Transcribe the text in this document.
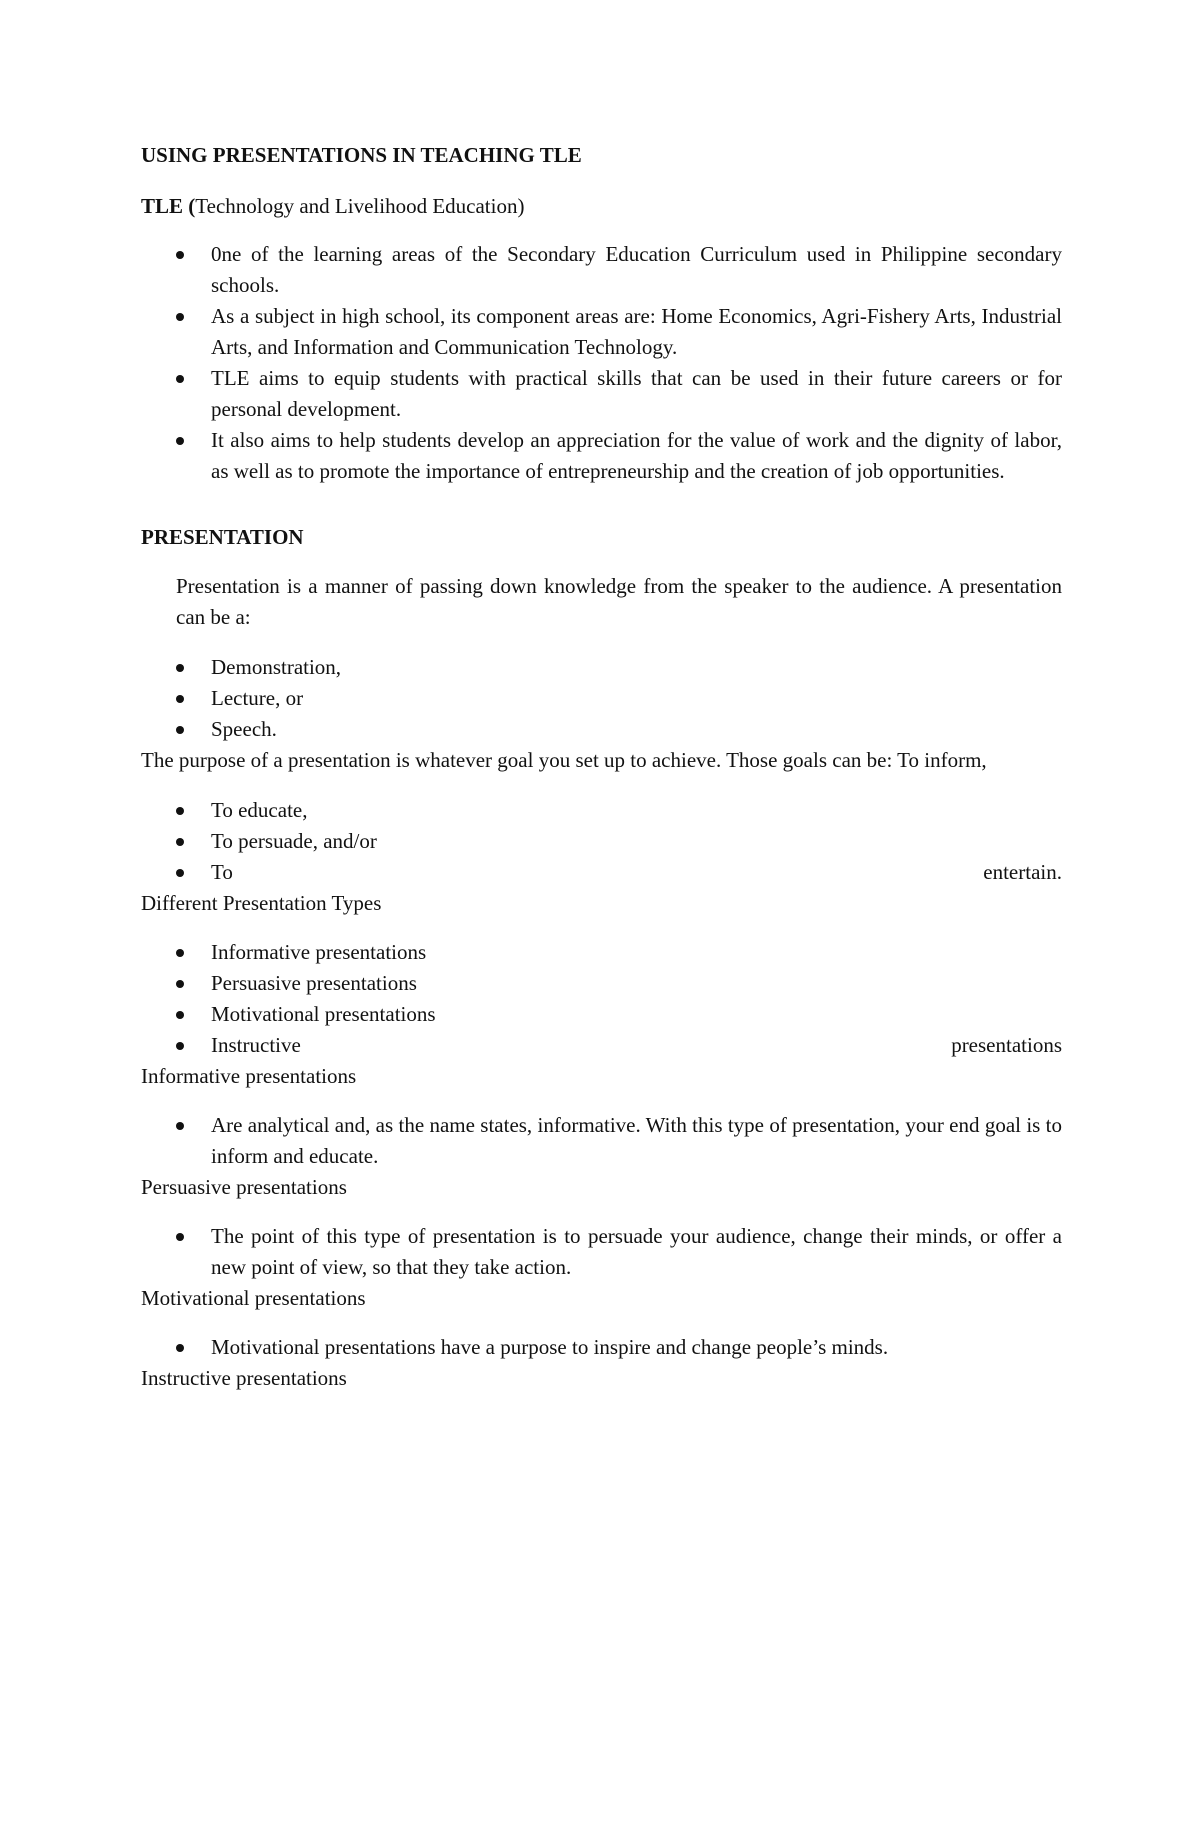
USING PRESENTATIONS IN TEACHING TLE
TLE (Technology and Livelihood Education)
0ne of the learning areas of the Secondary Education Curriculum used in Philippine secondary schools.
As a subject in high school, its component areas are: Home Economics, Agri-Fishery Arts, Industrial Arts, and Information and Communication Technology.
TLE aims to equip students with practical skills that can be used in their future careers or for personal development.
It also aims to help students develop an appreciation for the value of work and the dignity of labor, as well as to promote the importance of entrepreneurship and the creation of job opportunities.
PRESENTATION
Presentation is a manner of passing down knowledge from the speaker to the audience. A presentation can be a:
Demonstration,
Lecture, or
Speech.
The purpose of a presentation is whatever goal you set up to achieve. Those goals can be: To inform,
To educate,
To persuade, and/or
To	entertain.
Different Presentation Types
Informative presentations
Persuasive presentations
Motivational presentations
Instructive	presentations
Informative presentations
Are analytical and, as the name states, informative. With this type of presentation, your end goal is to inform and educate.
Persuasive presentations
The point of this type of presentation is to persuade your audience, change their minds, or offer a new point of view, so that they take action.
Motivational presentations
Motivational presentations have a purpose to inspire and change people’s minds.
Instructive presentations
